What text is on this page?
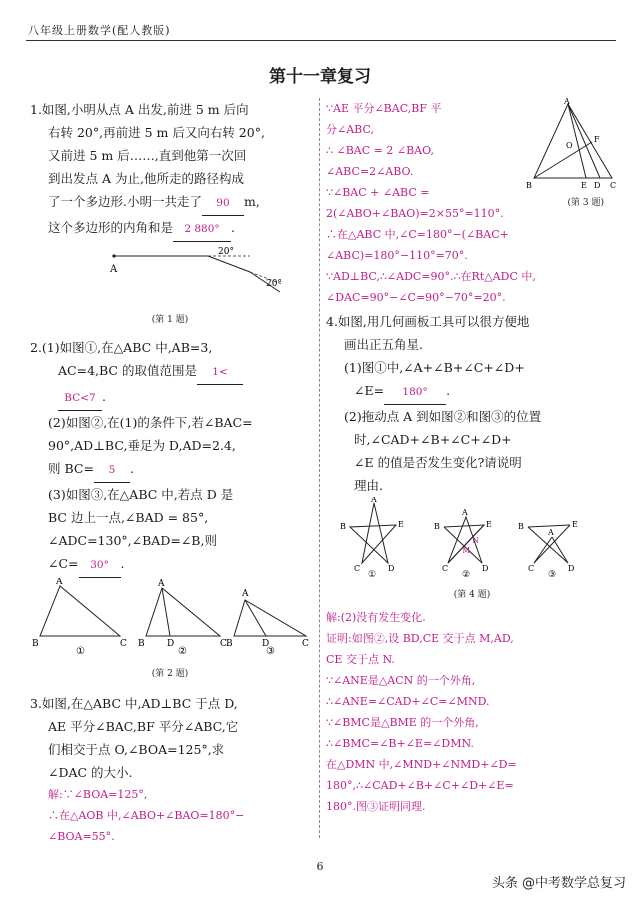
八年级上册数学(配人教版)
第十一章复习

1.如图,小明从点 A 出发,前进 5 m 后向

右转 20°,再前进 5 m 后又向右转 20°,

又前进 5 m 后……,直到他第一次回

到出发点 A 为止,他所走的路径构成

了一个多边形.小明一共走了 90 m,

这个多边形的内角和是 2 880° .

A
20°
20°

(第 1 题)

2.(1)如图①,在△ABC 中,AB=3,

AC=4,BC 的取值范围是 1<

BC<7 .

(2)如图②,在(1)的条件下,若∠BAC=

90°,AD⊥BC,垂足为 D,AD=2.4,

则 BC= 5 .

(3)如图③,在△ABC 中,若点 D 是

BC 边上一点,∠BAD = 85°,

∠ADC=130°,∠BAD=∠B,则

∠C= 30° .

A
B	C
①
A
B D	C
②
A
B	D	C
③

(第 2 题)

3.如图,在△ABC 中,AD⊥BC 于点 D,

AE 平分∠BAC,BF 平分∠ABC,它

们相交于点 O,∠BOA=125°,求

∠DAC 的大小.

解:∵∠BOA=125°,

∴在△AOB 中,∠ABO+∠BAO=180°−

∠BOA=55°.

A
O
F
B	E D C

∵AE 平分∠BAC,BF 平

分∠ABC,

∴ ∠BAC = 2 ∠BAO,

∠ABC=2∠ABO.

∵∠BAC + ∠ABC =

2(∠ABO+∠BAO)=2×55°=110°.

(第 3 题)

∴在△ABC 中,∠C=180°−(∠BAC+

∠ABC)=180°−110°=70°.

∵AD⊥BC,∴∠ADC=90°.∴在Rt△ADC 中,

∠DAC=90°−∠C=90°−70°=20°.

4.如图,用几何画板工具可以很方便地

画出正五角星.

(1)图①中,∠A+∠B+∠C+∠D+

∠E= 180° .

(2)拖动点 A 到如图②和图③的位置

时,∠CAD+∠B+∠C+∠D+

∠E 的值是否发生变化?请说明

理由.

A
B	E
C	D
①
A
B	E
C	D
M
N
②
A
B	E
C	D
③

(第 4 题)

解:(2)没有发生变化.

证明:如图②,设 BD,CE 交于点 M,AD,

CE 交于点 N.

∵∠ANE是△ACN 的一个外角,

∴∠ANE=∠CAD+∠C=∠MND.

∵∠BMC是△BME 的一个外角,

∴∠BMC=∠B+∠E=∠DMN.

在△DMN 中,∠MND+∠NMD+∠D=

180°,∴∠CAD+∠B+∠C+∠D+∠E=

180°.图③证明同理.

6
头条 @中考数学总复习
